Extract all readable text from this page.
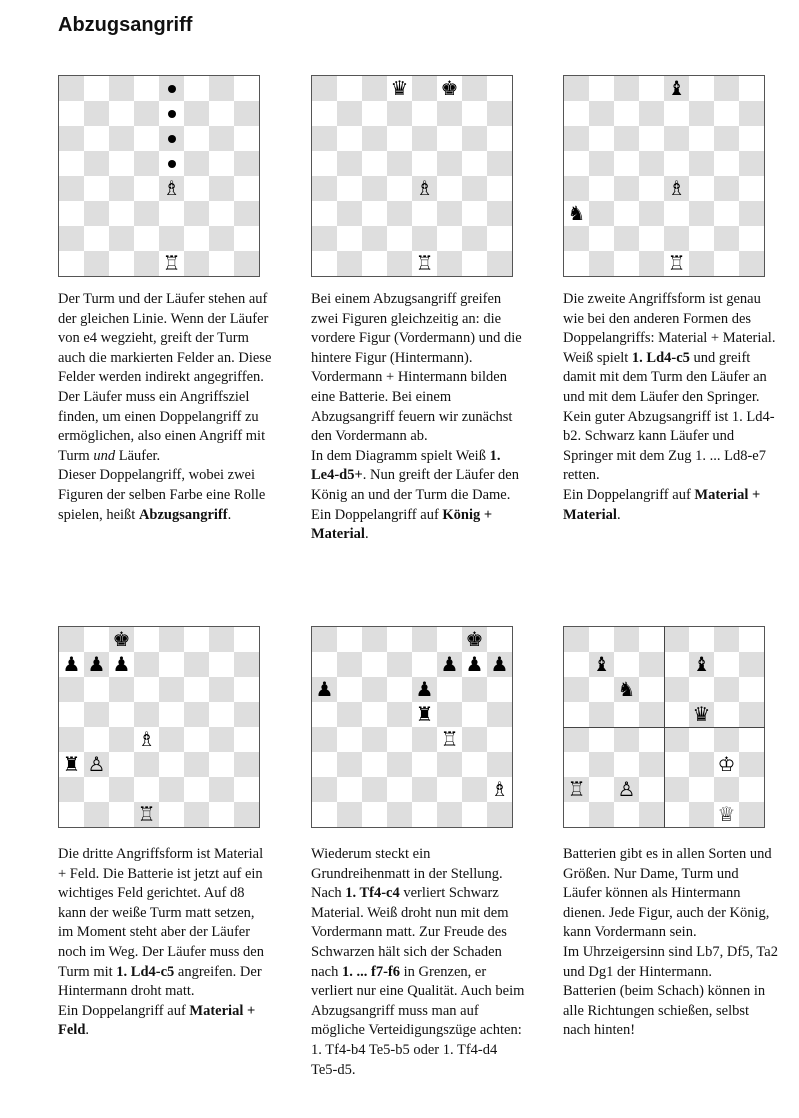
Abzugsangriff
♗
♖
♛ ♚
♗
♖
♝
♗
♞
♖
♚
♟ ♟ ♟
♗
♜ ♙
♖
♚
♟ ♟ ♟
♟	♟
♜
♖
♗
♝	♝
♞
♛
♔
♖ ♙
♕

Der Turm und der Läufer stehen auf der gleichen Linie. Wenn der Läufer von e4 wegzieht, greift der Turm auch die markierten Felder an. Diese Felder werden indirekt angegriffen. Der Läufer muss ein Angriffsziel finden, um einen Doppelangriff zu ermöglichen, also einen Angriff mit Turm und Läufer.

Dieser Doppelangriff, wobei zwei Figuren der selben Farbe eine Rolle spielen, heißt Abzugsangriff.

Bei einem Abzugsangriff greifen zwei Figuren gleichzeitig an: die vordere Figur (Vordermann) und die hintere Figur (Hintermann). Vordermann + Hintermann bilden eine Batterie. Bei einem Abzugsangriff feuern wir zunächst den Vordermann ab.

In dem Diagramm spielt Weiß 1. Le4-d5+. Nun greift der Läufer den König an und der Turm die Dame. Ein Doppelangriff auf König + Material.

Die zweite Angriffsform ist genau wie bei den anderen Formen des Doppelangriffs: Material + Material.

Weiß spielt 1. Ld4-c5 und greift damit mit dem Turm den Läufer an und mit dem Läufer den Springer.

Kein guter Abzugsangriff ist 1. Ld4-b2. Schwarz kann Läufer und Springer mit dem Zug 1. ... Ld8-e7 retten.

Ein Doppelangriff auf Material + Material.

Die dritte Angriffsform ist Material + Feld. Die Batterie ist jetzt auf ein wichtiges Feld gerichtet. Auf d8 kann der weiße Turm matt setzen, im Moment steht aber der Läufer noch im Weg. Der Läufer muss den Turm mit 1. Ld4-c5 angreifen. Der Hintermann droht matt.

Ein Doppelangriff auf Material + Feld.

Wiederum steckt ein Grundreihenmatt in der Stellung. Nach 1. Tf4-c4 verliert Schwarz Material. Weiß droht nun mit dem Vordermann matt. Zur Freude des Schwarzen hält sich der Schaden nach 1. ... f7-f6 in Grenzen, er verliert nur eine Qualität. Auch beim Abzugsangriff muss man auf mögliche Verteidigungszüge achten: 1. Tf4-b4 Te5-b5 oder 1. Tf4-d4 Te5-d5.

Batterien gibt es in allen Sorten und Größen. Nur Dame, Turm und Läufer können als Hintermann dienen. Jede Figur, auch der König, kann Vordermann sein.

Im Uhrzeigersinn sind Lb7, Df5, Ta2 und Dg1 der Hintermann.

Batterien (beim Schach) können in alle Richtungen schießen, selbst nach hinten!
